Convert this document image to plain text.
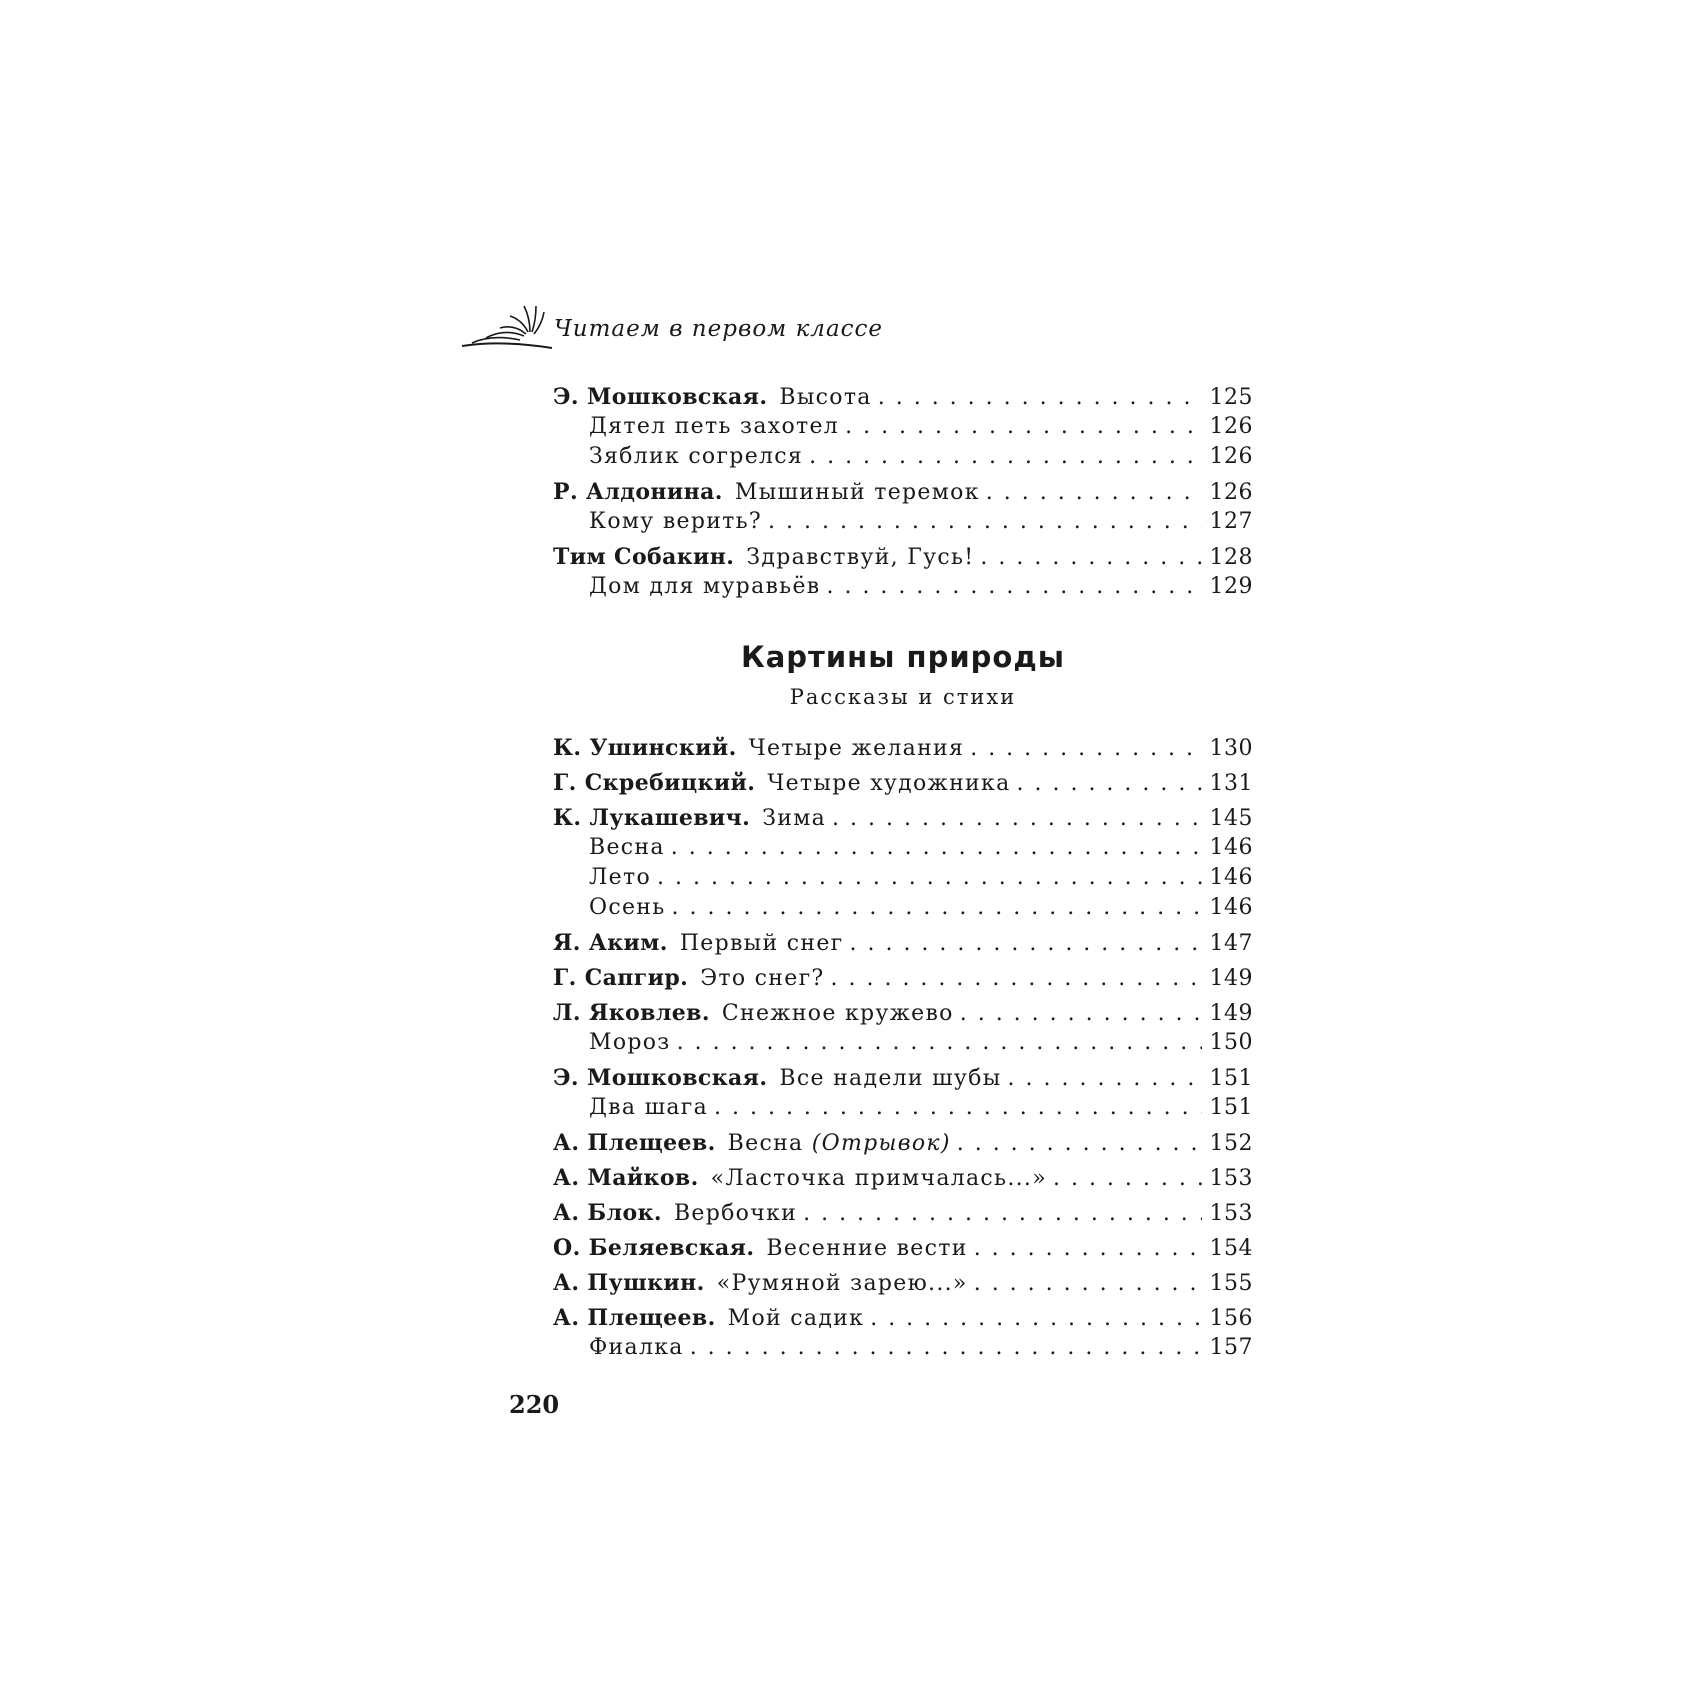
Читаем в первом классе
Э. Мошковская. Высота . . .	125
Дятел петь захотел . . .	126
Зяблик согрелся . . .	126
Р. Алдонина. Мышиный теремок . . .	126
Кому верить? . . .	127
Тим Собакин. Здравствуй, Гусь! . . .	128
Дом для муравьёв . . .	129
Картины природы
Рассказы и стихи
К. Ушинский. Четыре желания . . .	130
Г. Скребицкий. Четыре художника . . .	131
К. Лукашевич. Зима . . .	145
Весна . . .	146
Лето . . .	146
Осень . . .	146
Я. Аким. Первый снег . . .	147
Г. Сапгир. Это снег? . . .	149
Л. Яковлев. Снежное кружево . . .	149
Мороз . . .	150
Э. Мошковская. Все надели шубы . . .	151
Два шага . . .	151
А. Плещеев. Весна (Отрывок) . . .	152
А. Майков. «Ласточка примчалась...» . . .	153
А. Блок. Вербочки . . .	153
О. Беляевская. Весенние вести . . .	154
А. Пушкин. «Румяной зарею...» . . .	155
А. Плещеев. Мой садик . . .	156
Фиалка . . .	157
220
